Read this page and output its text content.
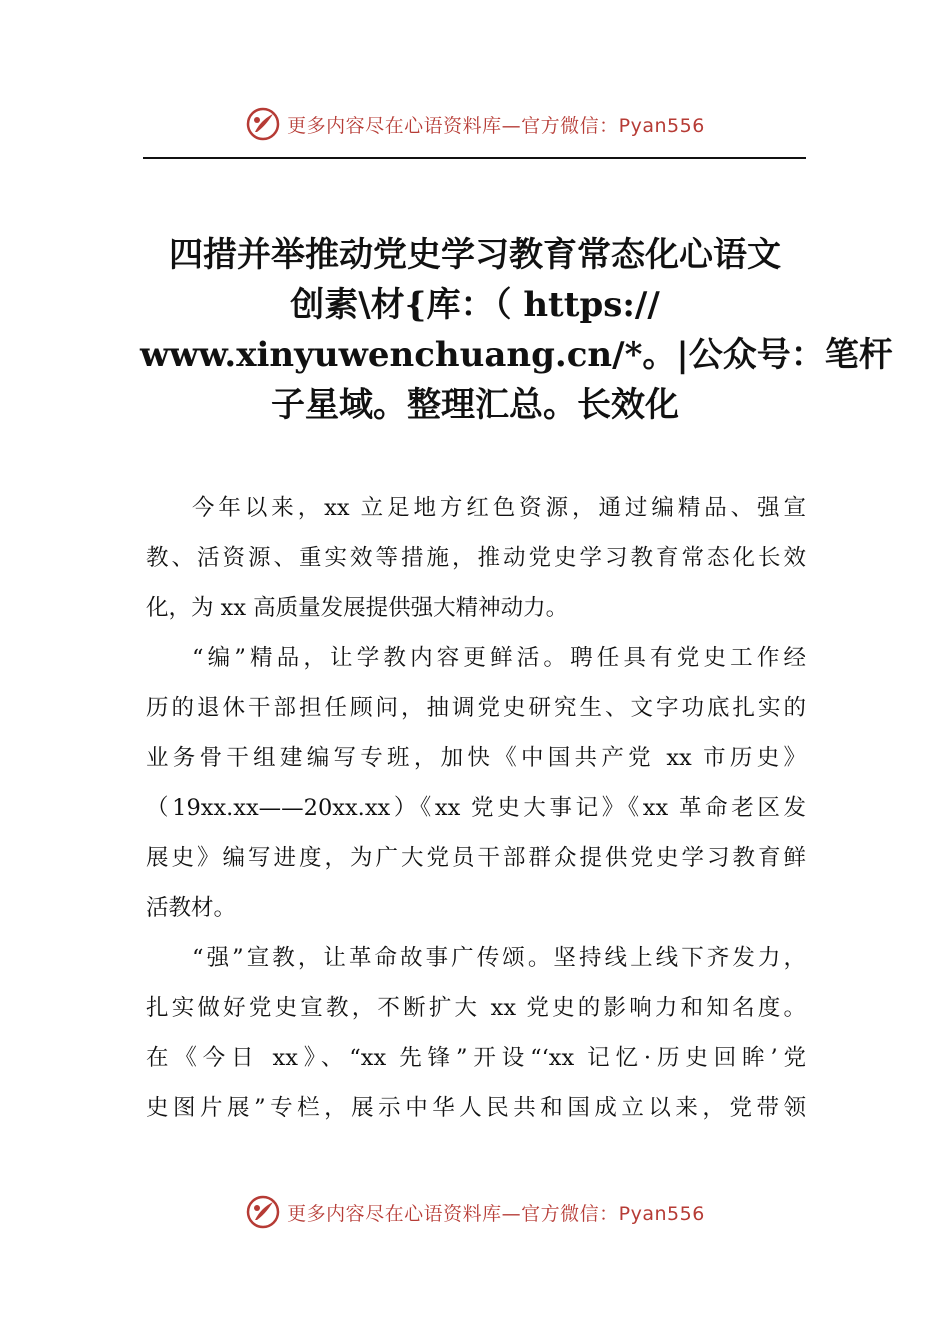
更多内容尽在心语资料库—官方微信：Pyan556
四措并举推动党史学习教育常态化心语文
创素\材{库：（ https://
www.xinyuwenchuang.cn/*。|公众号：笔杆
子星域。整理汇总。长效化
今年以来，xx 立足地方红色资源，通过编精品、强宣
教、活资源、重实效等措施，推动党史学习教育常态化长效
化，为 xx 高质量发展提供强大精神动力。
“编”精品，让学教内容更鲜活。聘任具有党史工作经
历的退休干部担任顾问，抽调党史研究生、文字功底扎实的
业务骨干组建编写专班，加快《中国共产党 xx 市历史》
（19xx.xx——20xx.xx）《xx 党史大事记》《xx 革命老区发
展史》编写进度，为广大党员干部群众提供党史学习教育鲜
活教材。
“强”宣教，让革命故事广传颂。坚持线上线下齐发力，
扎实做好党史宣教，不断扩大 xx 党史的影响力和知名度。
在《今日 xx》、“xx 先锋”开设“‘xx 记忆·历史回眸’党
史图片展”专栏，展示中华人民共和国成立以来，党带领
更多内容尽在心语资料库—官方微信：Pyan556
